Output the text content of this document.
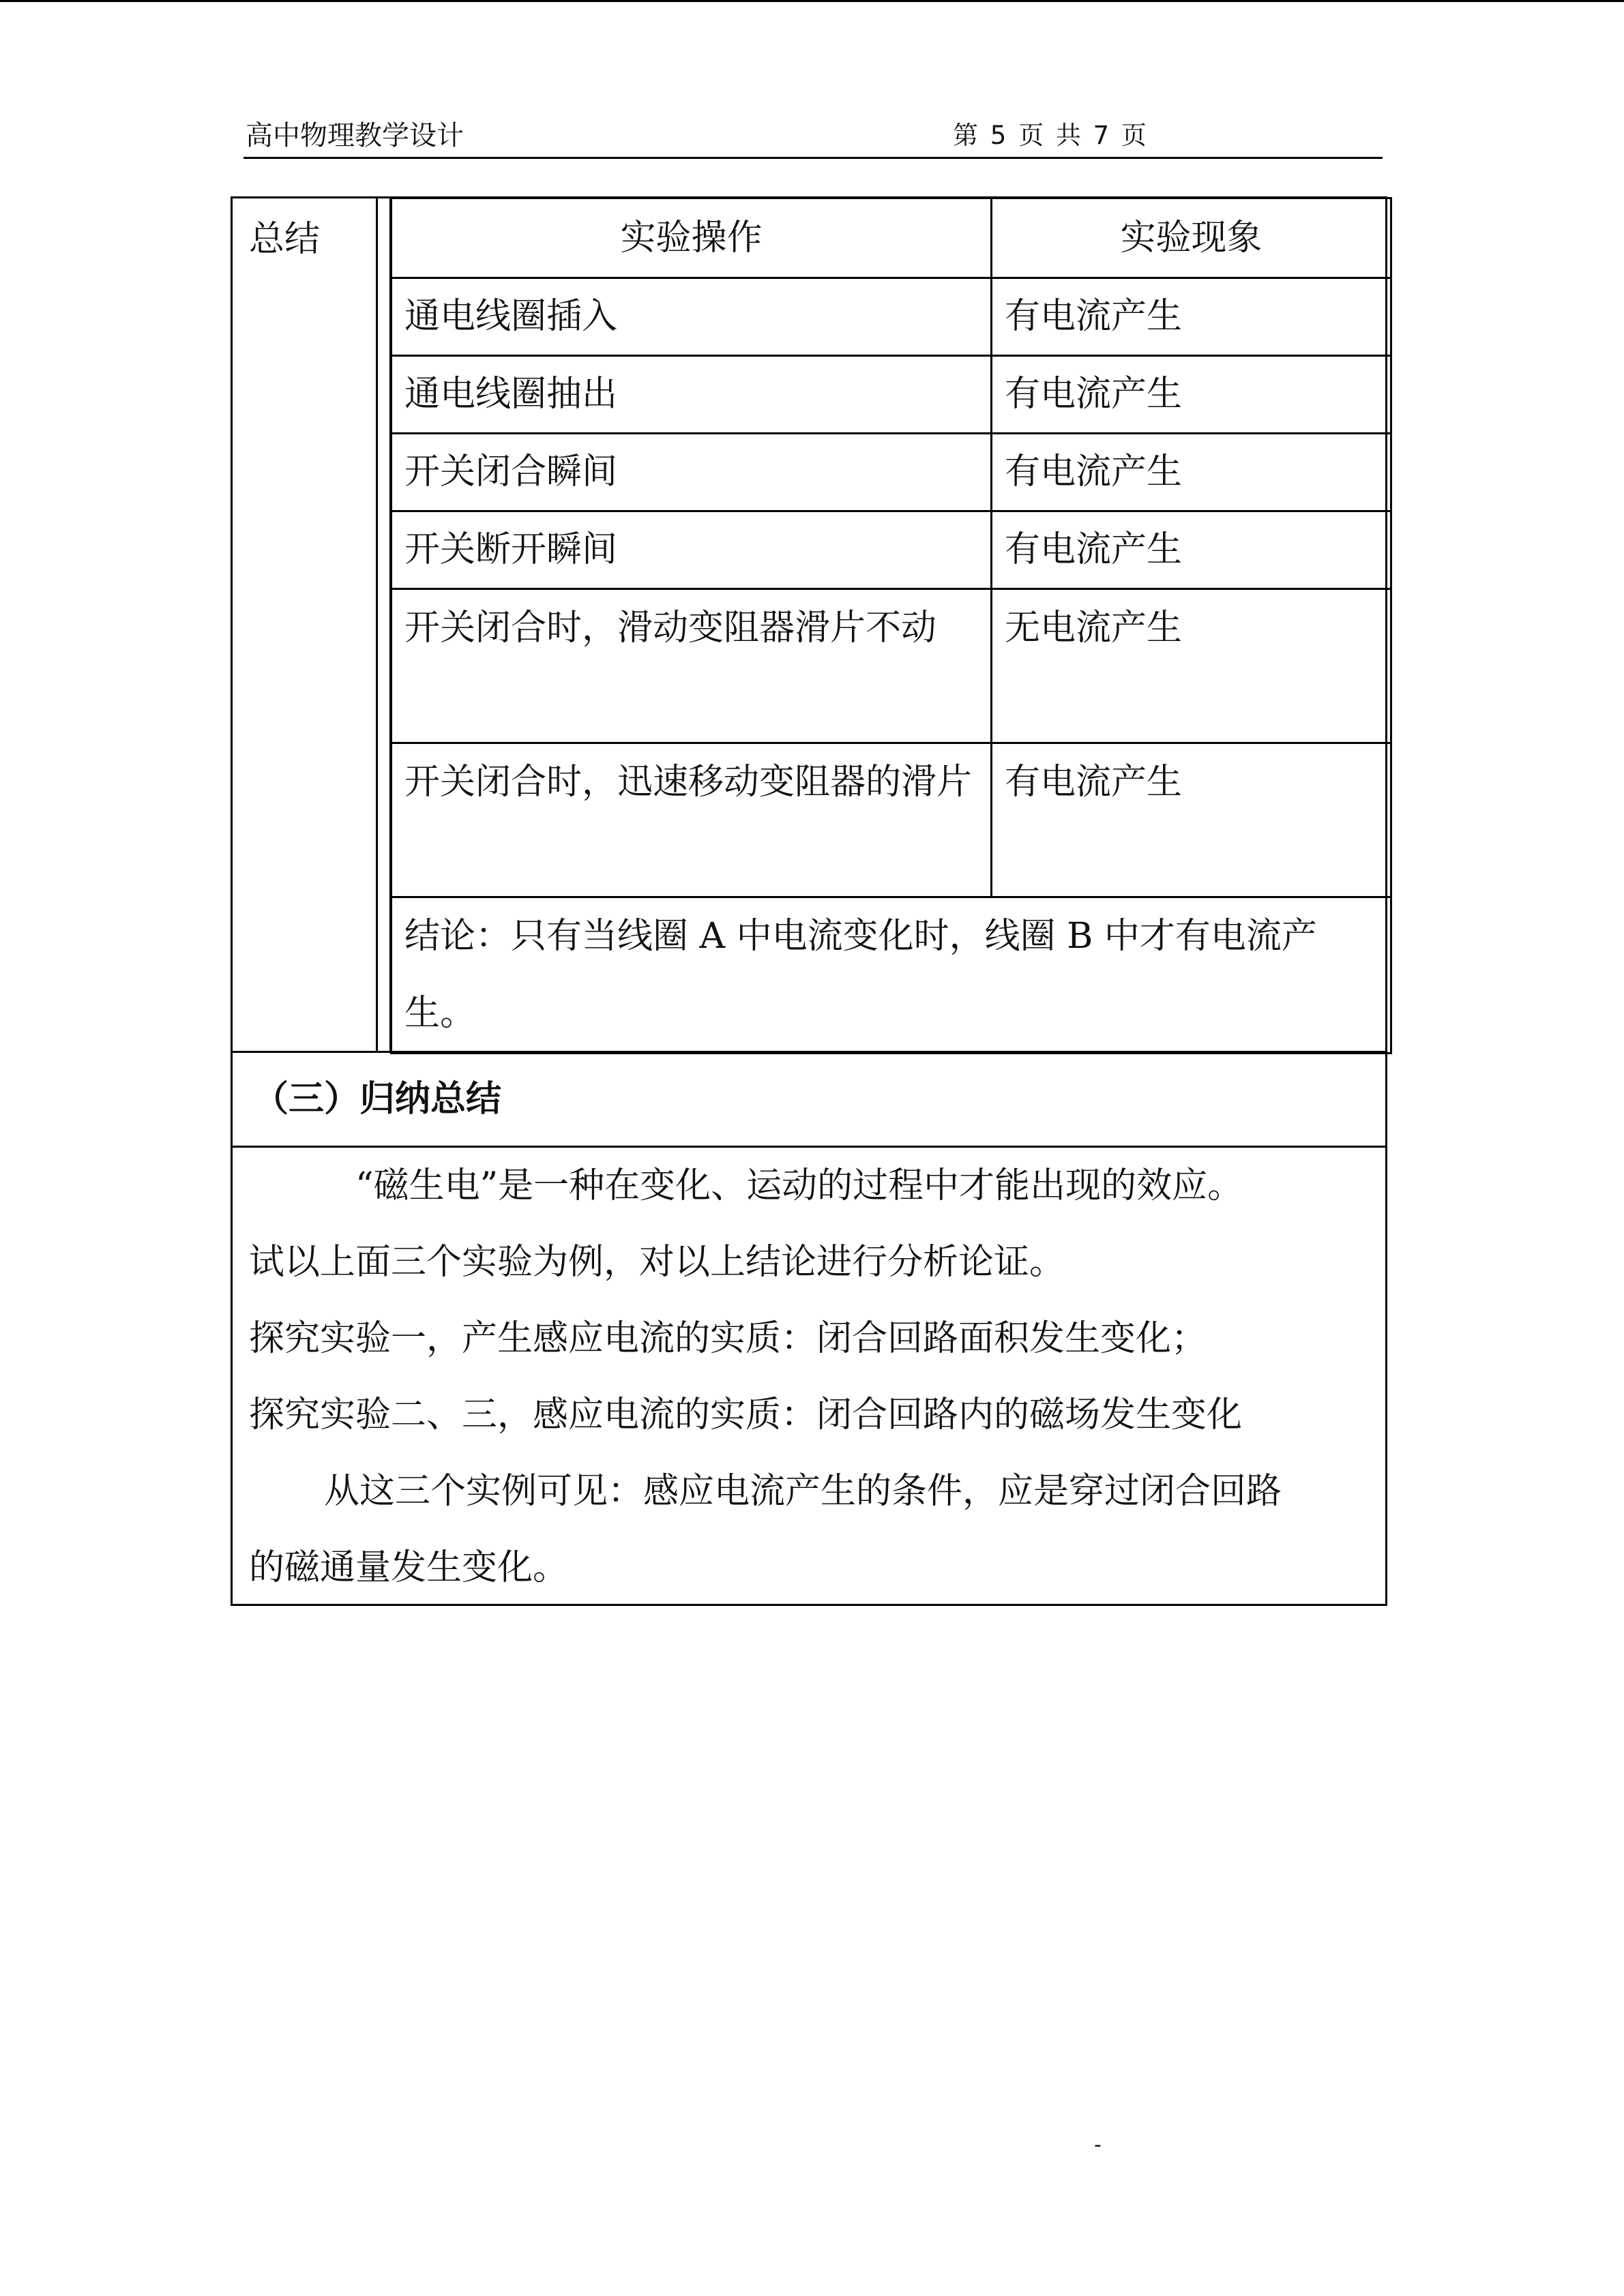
高中物理教学设计	第 5 页 共 7 页
总结	实验操作	实验现象
通电线圈插入	有电流产生
通电线圈抽出	有电流产生
开关闭合瞬间	有电流产生
开关断开瞬间	有电流产生
开关闭合时，滑动变阻器滑片不动	无电流产生
开关闭合时，迅速移动变阻器的滑片	有电流产生
结论：只有当线圈 A 中电流变化时，线圈 B 中才有电流产生。	
（三）归纳总结

“磁生电”是一种在变化、运动的过程中才能出现的效应。

试以上面三个实验为例，对以上结论进行分析论证。

探究实验一，产生感应电流的实质：闭合回路面积发生变化；

探究实验二、三，感应电流的实质：闭合回路内的磁场发生变化

从这三个实例可见：感应电流产生的条件，应是穿过闭合回路

的磁通量发生变化。

-
